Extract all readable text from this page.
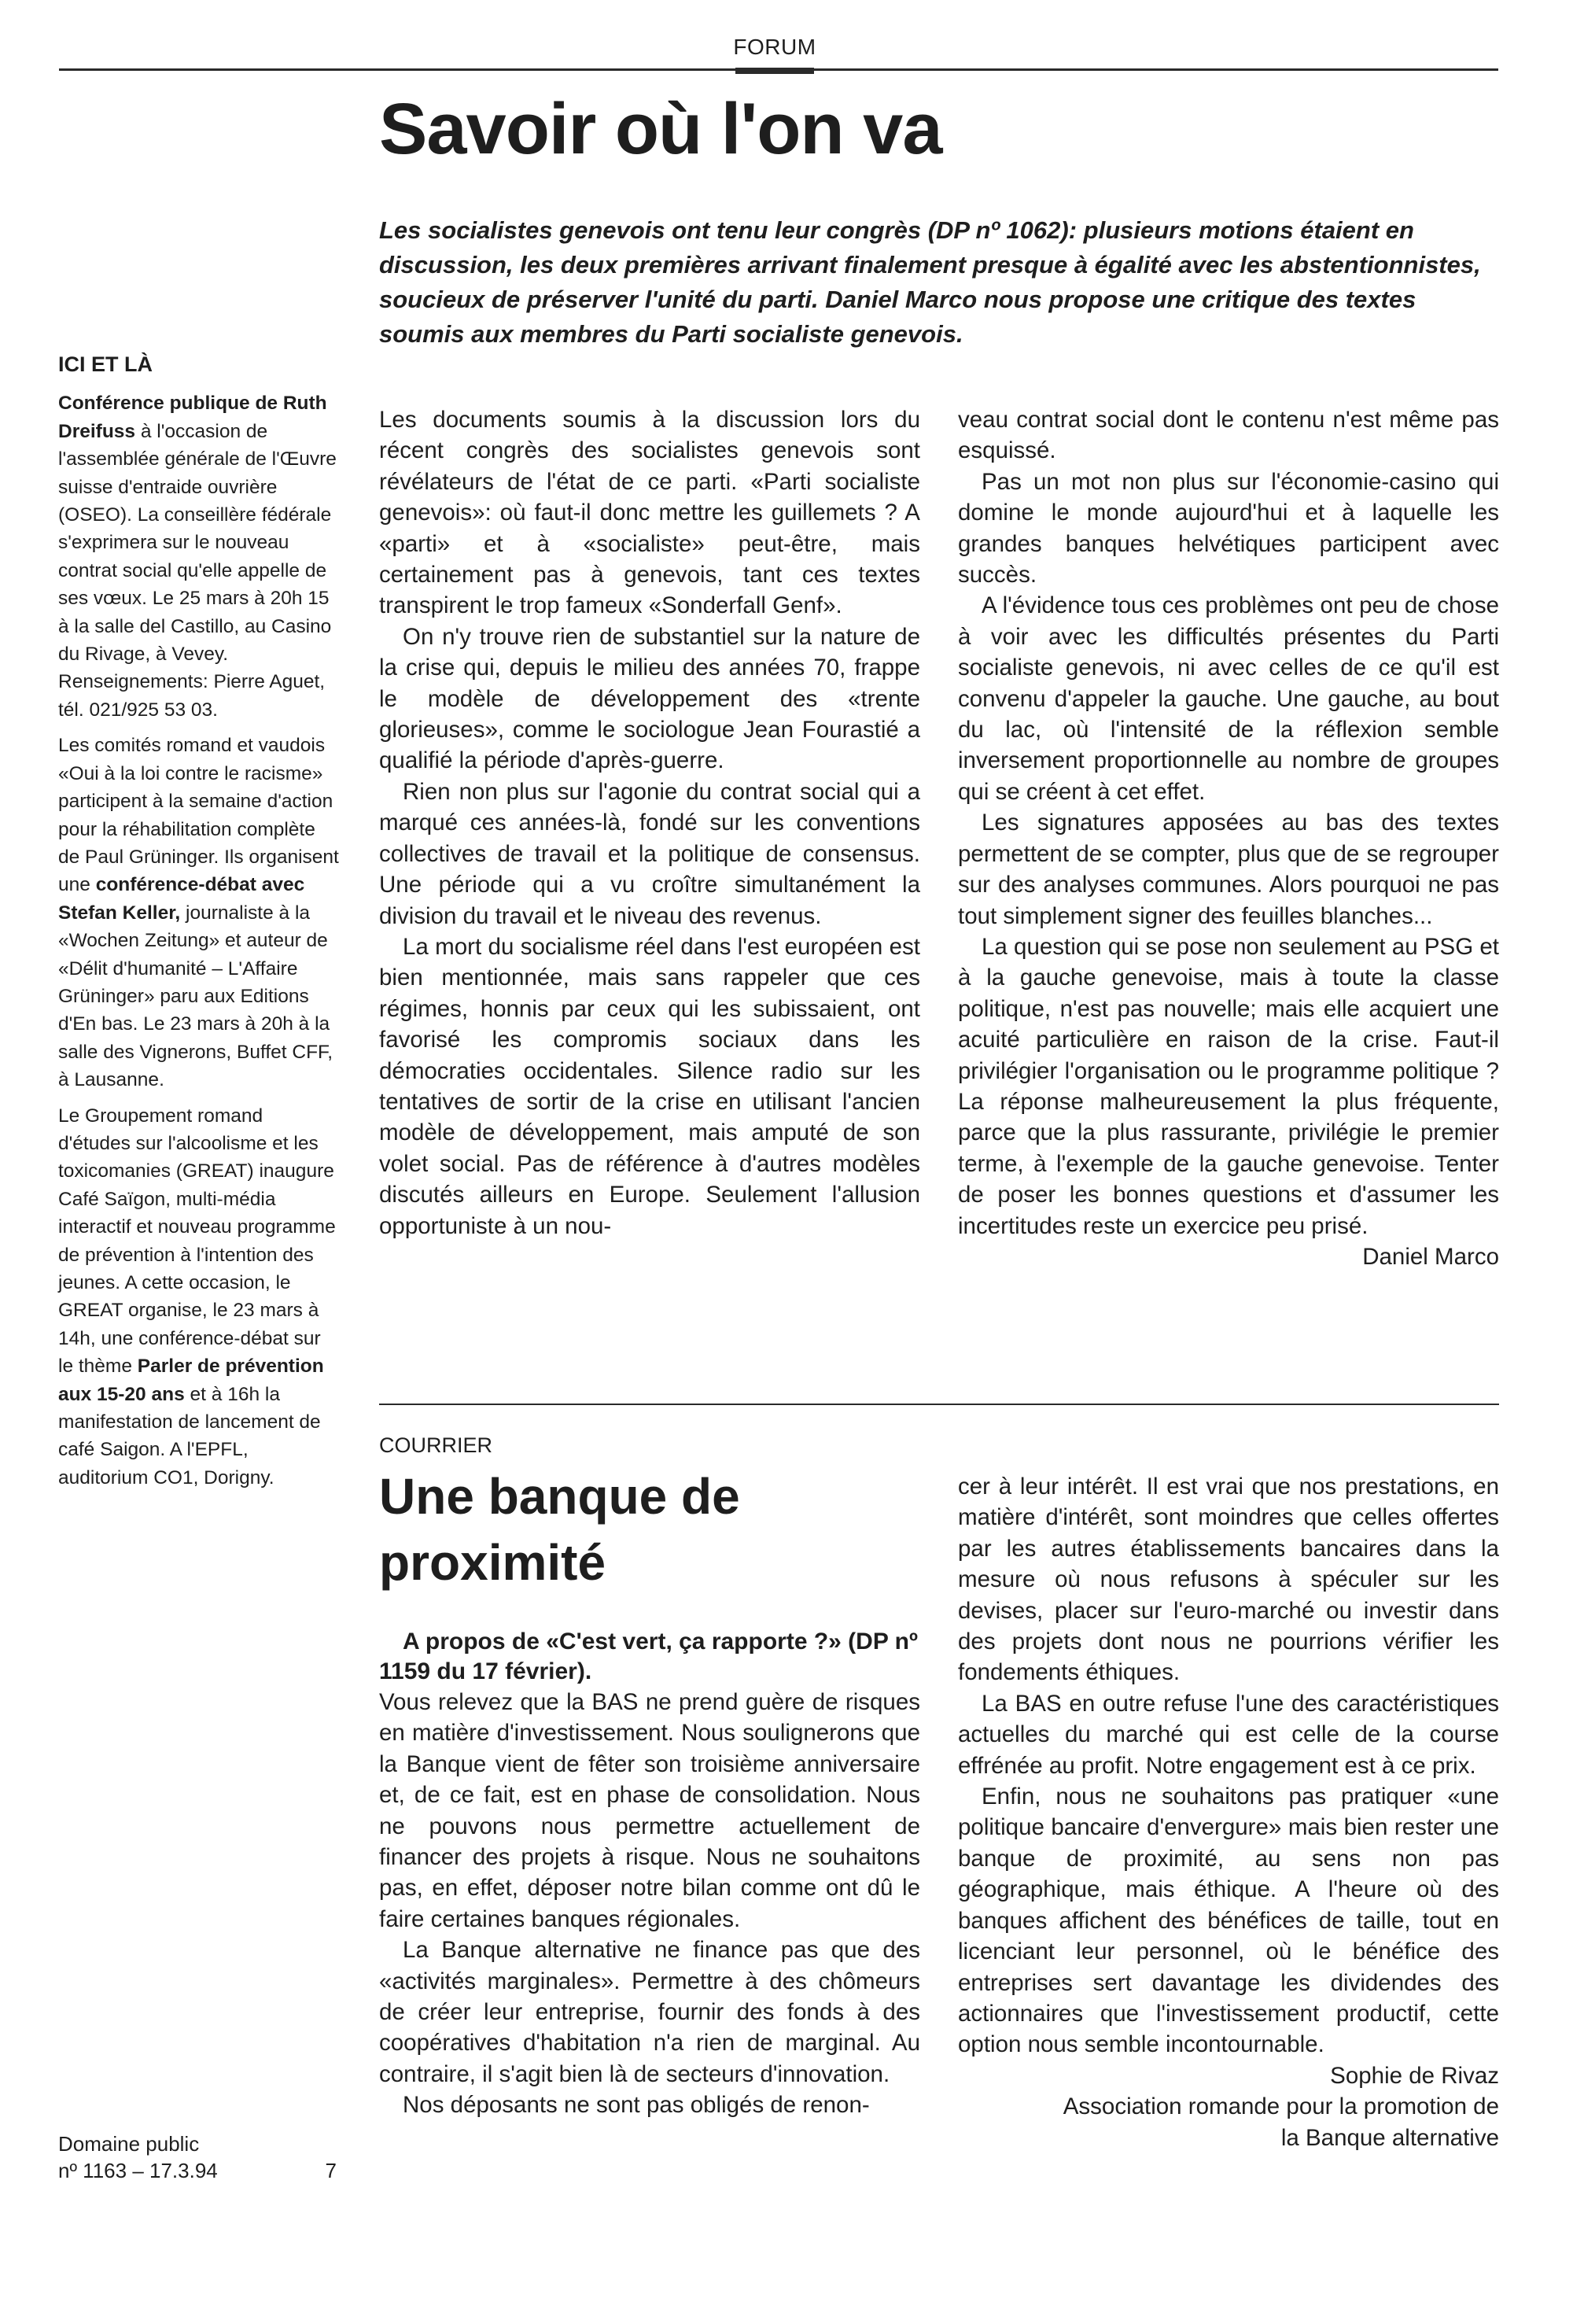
FORUM
Savoir où l'on va

Les socialistes genevois ont tenu leur congrès (DP nº 1062): plusieurs motions étaient en discussion, les deux premières arrivant finalement presque à égalité avec les abstentionnistes, soucieux de préserver l'unité du parti. Daniel Marco nous propose une critique des textes soumis aux membres du Parti socialiste genevois.

ICI ET LÀ

Conférence publique de Ruth Dreifuss à l'occasion de l'assemblée générale de l'Œuvre suisse d'entraide ouvrière (OSEO). La conseillère fédérale s'exprimera sur le nouveau contrat social qu'elle appelle de ses vœux. Le 25 mars à 20h 15 à la salle del Castillo, au Casino du Rivage, à Vevey. Renseignements: Pierre Aguet, tél. 021/925 53 03.

Les comités romand et vaudois «Oui à la loi contre le racisme» participent à la semaine d'action pour la réhabilitation complète de Paul Grüninger. Ils organisent une conférence-débat avec Stefan Keller, journaliste à la «Wochen Zeitung» et auteur de «Délit d'humanité – L'Affaire Grüninger» paru aux Editions d'En bas. Le 23 mars à 20h à la salle des Vignerons, Buffet CFF, à Lausanne.

Le Groupement romand d'études sur l'alcoolisme et les toxicomanies (GREAT) inaugure Café Saïgon, multi-média interactif et nouveau programme de prévention à l'intention des jeunes. A cette occasion, le GREAT organise, le 23 mars à 14h, une conférence-débat sur le thème Parler de prévention aux 15-20 ans et à 16h la manifestation de lancement de café Saigon. A l'EPFL, auditorium CO1, Dorigny.

Les documents soumis à la discussion lors du récent congrès des socialistes genevois sont révélateurs de l'état de ce parti. «Parti socialiste genevois»: où faut-il donc mettre les guillemets ? A «parti» et à «socialiste» peut-être, mais certainement pas à genevois, tant ces textes transpirent le trop fameux «Sonderfall Genf».

On n'y trouve rien de substantiel sur la nature de la crise qui, depuis le milieu des années 70, frappe le modèle de développement des «trente glorieuses», comme le sociologue Jean Fourastié a qualifié la période d'après-guerre.

Rien non plus sur l'agonie du contrat social qui a marqué ces années-là, fondé sur les conventions collectives de travail et la politique de consensus. Une période qui a vu croître simultanément la division du travail et le niveau des revenus.

La mort du socialisme réel dans l'est européen est bien mentionnée, mais sans rappeler que ces régimes, honnis par ceux qui les subissaient, ont favorisé les compromis sociaux dans les démocraties occidentales. Silence radio sur les tentatives de sortir de la crise en utilisant l'ancien modèle de développement, mais amputé de son volet social. Pas de référence à d'autres modèles discutés ailleurs en Europe. Seulement l'allusion opportuniste à un nou-

veau contrat social dont le contenu n'est même pas esquissé.

Pas un mot non plus sur l'économie-casino qui domine le monde aujourd'hui et à laquelle les grandes banques helvétiques participent avec succès.

A l'évidence tous ces problèmes ont peu de chose à voir avec les difficultés présentes du Parti socialiste genevois, ni avec celles de ce qu'il est convenu d'appeler la gauche. Une gauche, au bout du lac, où l'intensité de la réflexion semble inversement proportionnelle au nombre de groupes qui se créent à cet effet.

Les signatures apposées au bas des textes permettent de se compter, plus que de se regrouper sur des analyses communes. Alors pourquoi ne pas tout simplement signer des feuilles blanches...

La question qui se pose non seulement au PSG et à la gauche genevoise, mais à toute la classe politique, n'est pas nouvelle; mais elle acquiert une acuité particulière en raison de la crise. Faut-il privilégier l'organisation ou le programme politique ? La réponse malheureusement la plus fréquente, parce que la plus rassurante, privilégie le premier terme, à l'exemple de la gauche genevoise. Tenter de poser les bonnes questions et d'assumer les incertitudes reste un exercice peu prisé.

Daniel Marco

COURRIER

Une banque de proximité

A propos de «C'est vert, ça rapporte ?» (DP nº 1159 du 17 février).

Vous relevez que la BAS ne prend guère de risques en matière d'investissement. Nous soulignerons que la Banque vient de fêter son troisième anniversaire et, de ce fait, est en phase de consolidation. Nous ne pouvons nous permettre actuellement de financer des projets à risque. Nous ne souhaitons pas, en effet, déposer notre bilan comme ont dû le faire certaines banques régionales.

La Banque alternative ne finance pas que des «activités marginales». Permettre à des chômeurs de créer leur entreprise, fournir des fonds à des coopératives d'habitation n'a rien de marginal. Au contraire, il s'agit bien là de secteurs d'innovation.

Nos déposants ne sont pas obligés de renon-

cer à leur intérêt. Il est vrai que nos prestations, en matière d'intérêt, sont moindres que celles offertes par les autres établissements bancaires dans la mesure où nous refusons à spéculer sur les devises, placer sur l'euro-marché ou investir dans des projets dont nous ne pourrions vérifier les fondements éthiques.

La BAS en outre refuse l'une des caractéristiques actuelles du marché qui est celle de la course effrénée au profit. Notre engagement est à ce prix.

Enfin, nous ne souhaitons pas pratiquer «une politique bancaire d'envergure» mais bien rester une banque de proximité, au sens non pas géographique, mais éthique. A l'heure où des banques affichent des bénéfices de taille, tout en licenciant leur personnel, où le bénéfice des entreprises sert davantage les dividendes des actionnaires que l'investissement productif, cette option nous semble incontournable.

Sophie de Rivaz

Association romande pour la promotion de

la Banque alternative

Domaine public
nº 1163 – 17.3.94	7
